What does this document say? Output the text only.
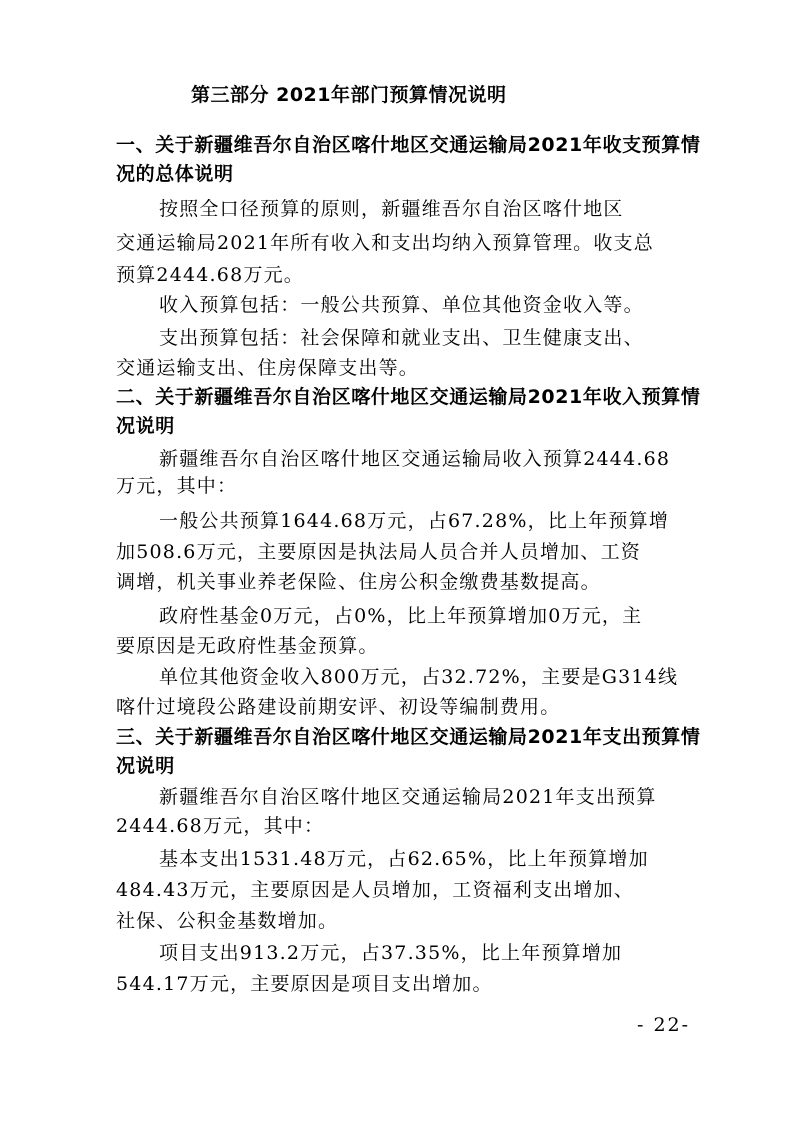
第三部分 2021年部门预算情况说明
一、关于新疆维吾尔自治区喀什地区交通运输局2021年收支预算情况的总体说明
按照全口径预算的原则，新疆维吾尔自治区喀什地区
交通运输局2021年所有收入和支出均纳入预算管理。收支总
预算2444.68万元。
收入预算包括：一般公共预算、单位其他资金收入等。
支出预算包括：社会保障和就业支出、卫生健康支出、
交通运输支出、住房保障支出等。
二、关于新疆维吾尔自治区喀什地区交通运输局2021年收入预算情况说明
新疆维吾尔自治区喀什地区交通运输局收入预算2444.68
万元，其中：
一般公共预算1644.68万元，占67.28%，比上年预算增
加508.6万元，主要原因是执法局人员合并人员增加、工资
调增，机关事业养老保险、住房公积金缴费基数提高。
政府性基金0万元，占0%，比上年预算增加0万元，主
要原因是无政府性基金预算。
单位其他资金收入800万元，占32.72%，主要是G314线
喀什过境段公路建设前期安评、初设等编制费用。
三、关于新疆维吾尔自治区喀什地区交通运输局2021年支出预算情况说明
新疆维吾尔自治区喀什地区交通运输局2021年支出预算
2444.68万元，其中：
基本支出1531.48万元，占62.65%，比上年预算增加
484.43万元，主要原因是人员增加，工资福利支出增加、
社保、公积金基数增加。
项目支出913.2万元，占37.35%，比上年预算增加
544.17万元，主要原因是项目支出增加。
- 22-
